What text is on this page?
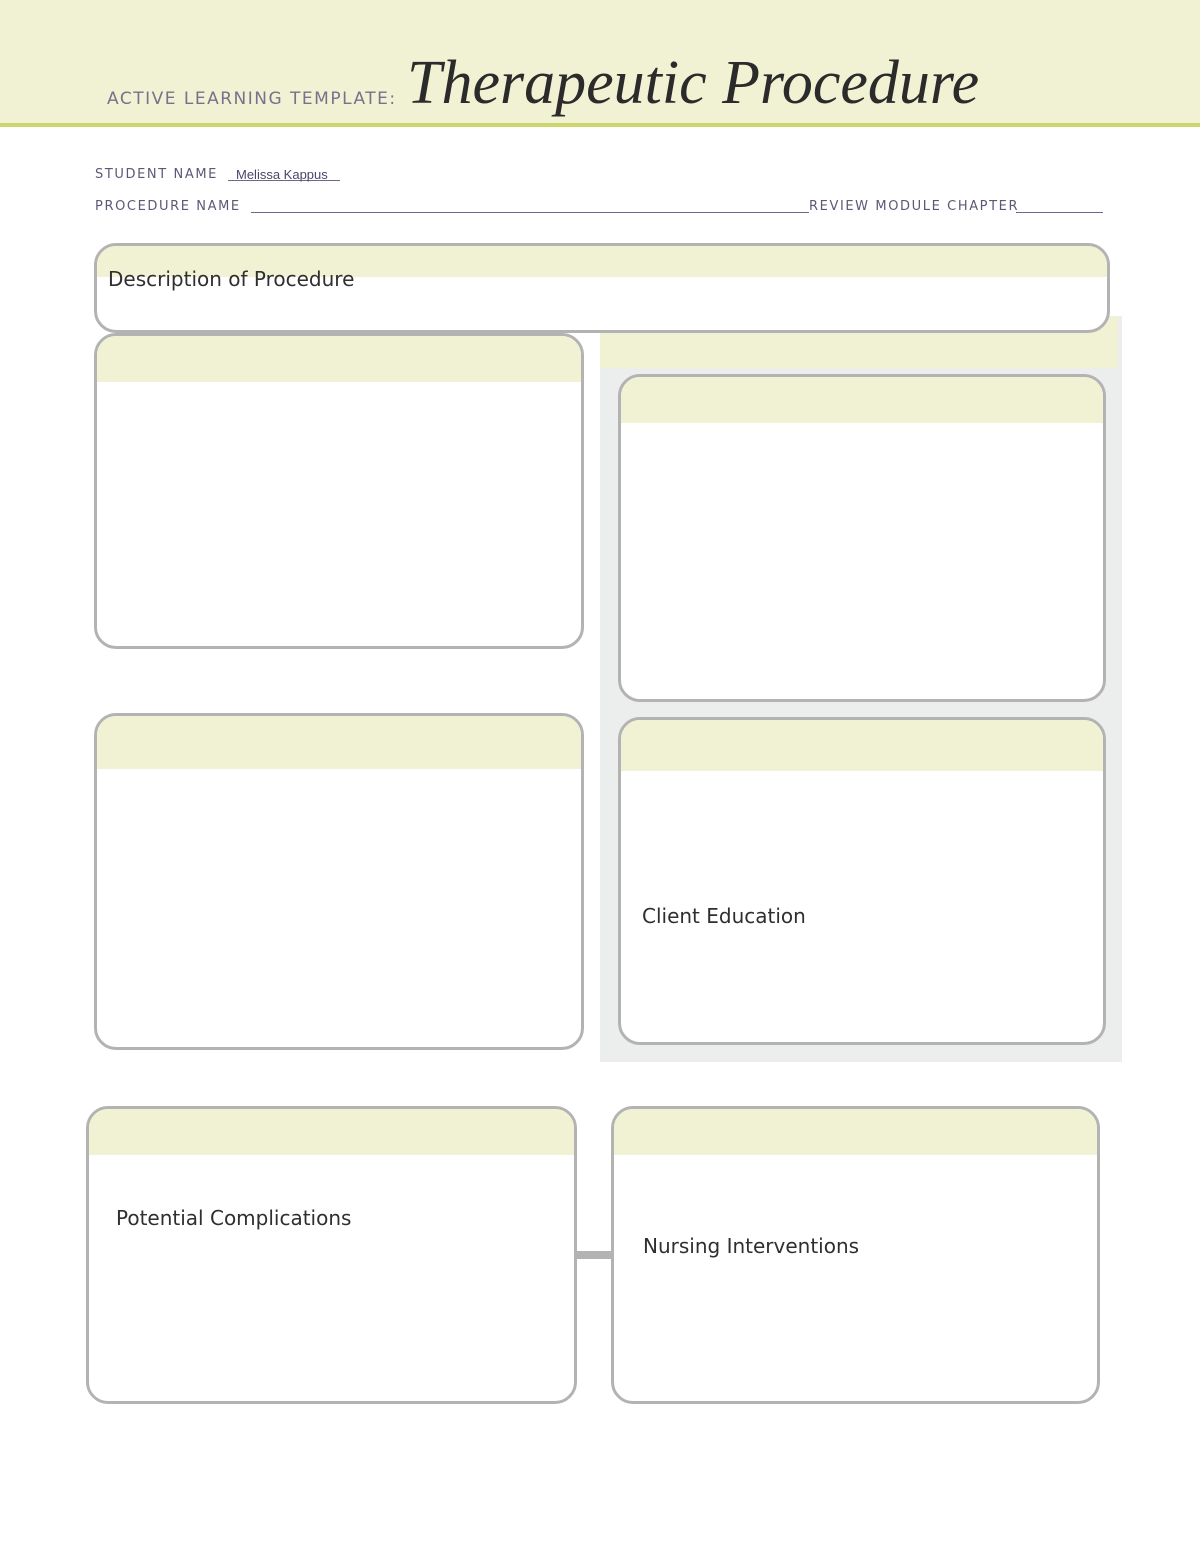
ACTIVE LEARNING TEMPLATE: Therapeutic Procedure
STUDENT NAME Melissa Kappus
PROCEDURE NAME	REVIEW MODULE CHAPTER
Description of Procedure
Client Education
Potential Complications
Nursing Interventions
